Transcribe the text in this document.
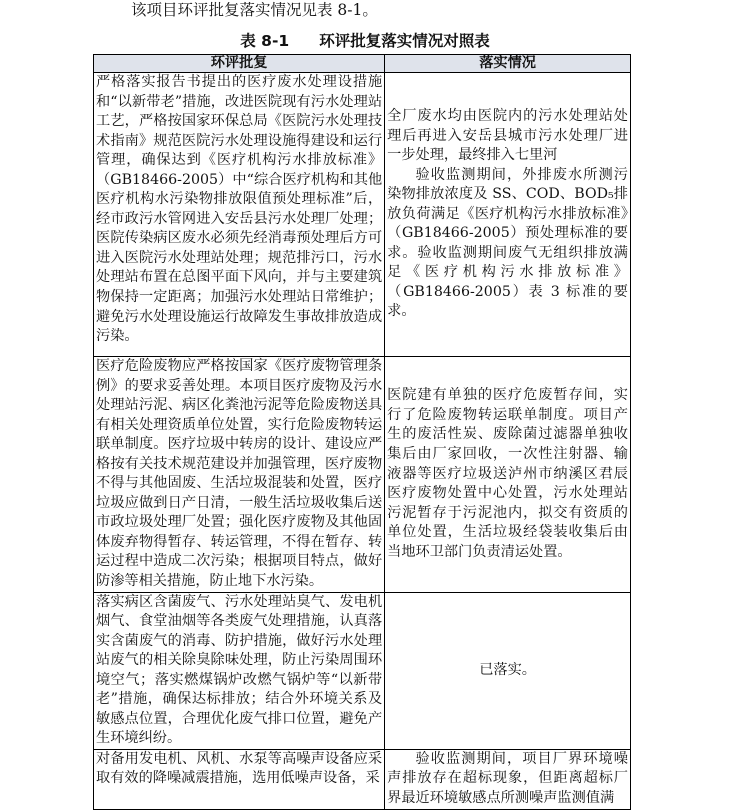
该项目环评批复落实情况见表 8-1。
表 8-1 环评批复落实情况对照表
环评批复	落实情况
严格落实报告书提出的医疗废水处理设措施和“以新带老”措施，改进医院现有污水处理站工艺，严格按国家环保总局《医院污水处理技术指南》规范医院污水处理设施得建设和运行管理，确保达到《医疗机构污水排放标准》（GB18466-2005）中“综合医疗机构和其他医疗机构水污染物排放限值预处理标准”后，经市政污水管网进入安岳县污水处理厂处理；医院传染病区废水必须先经消毒预处理后方可进入医院污水处理站处理；规范排污口，污水处理站布置在总图平面下风向，并与主要建筑物保持一定距离；加强污水处理站日常维护；避免污水处理设施运行故障发生事故排放造成污染。	全厂废水均由医院内的污水处理站处理后再进入安岳县城市污水处理厂进一步处理，最终排入七里河
验收监测期间，外排废水所测污染物排放浓度及 SS、COD、BOD₅排放负荷满足《医疗机构污水排放标准》（GB18466-2005）预处理标准的要求。验收监测期间废气无组织排放满足《医疗机构污水排放标准》（GB18466-2005）表 3 标准的要求。

医疗危险废物应严格按国家《医疗废物管理条例》的要求妥善处理。本项目医疗废物及污水处理站污泥、病区化粪池污泥等危险废物送具有相关处理资质单位处置，实行危险废物转运联单制度。医疗垃圾中转房的设计、建设应严格按有关技术规范建设并加强管理，医疗废物不得与其他固废、生活垃圾混装和处置，医疗垃圾应做到日产日清，一般生活垃圾收集后送市政垃圾处理厂处置；强化医疗废物及其他固体废弃物得暂存、转运管理，不得在暂存、转运过程中造成二次污染；根据项目特点，做好防渗等相关措施，防止地下水污染。	医院建有单独的医疗危废暂存间，实行了危险废物转运联单制度。项目产生的废活性炭、废除菌过滤器单独收集后由厂家回收，一次性注射器、输液器等医疗垃圾送泸州市纳溪区君辰医疗废物处置中心处置，污水处理站污泥暂存于污泥池内，拟交有资质的单位处置，生活垃圾经袋装收集后由当地环卫部门负责清运处置。
落实病区含菌废气、污水处理站臭气、发电机烟气、食堂油烟等各类废气处理措施，认真落实含菌废气的消毒、防护措施，做好污水处理站废气的相关除臭除味处理，防止污染周围环境空气；落实燃煤锅炉改燃气锅炉等“以新带老”措施，确保达标排放；结合外环境关系及敏感点位置，合理优化废气排口位置，避免产生环境纠纷。	已落实。
对备用发电机、风机、水泵等高噪声设备应采取有效的降噪减震措施，选用低噪声设备，采	验收监测期间，项目厂界环境噪声排放存在超标现象，但距离超标厂界最近环境敏感点所测噪声监测值满
